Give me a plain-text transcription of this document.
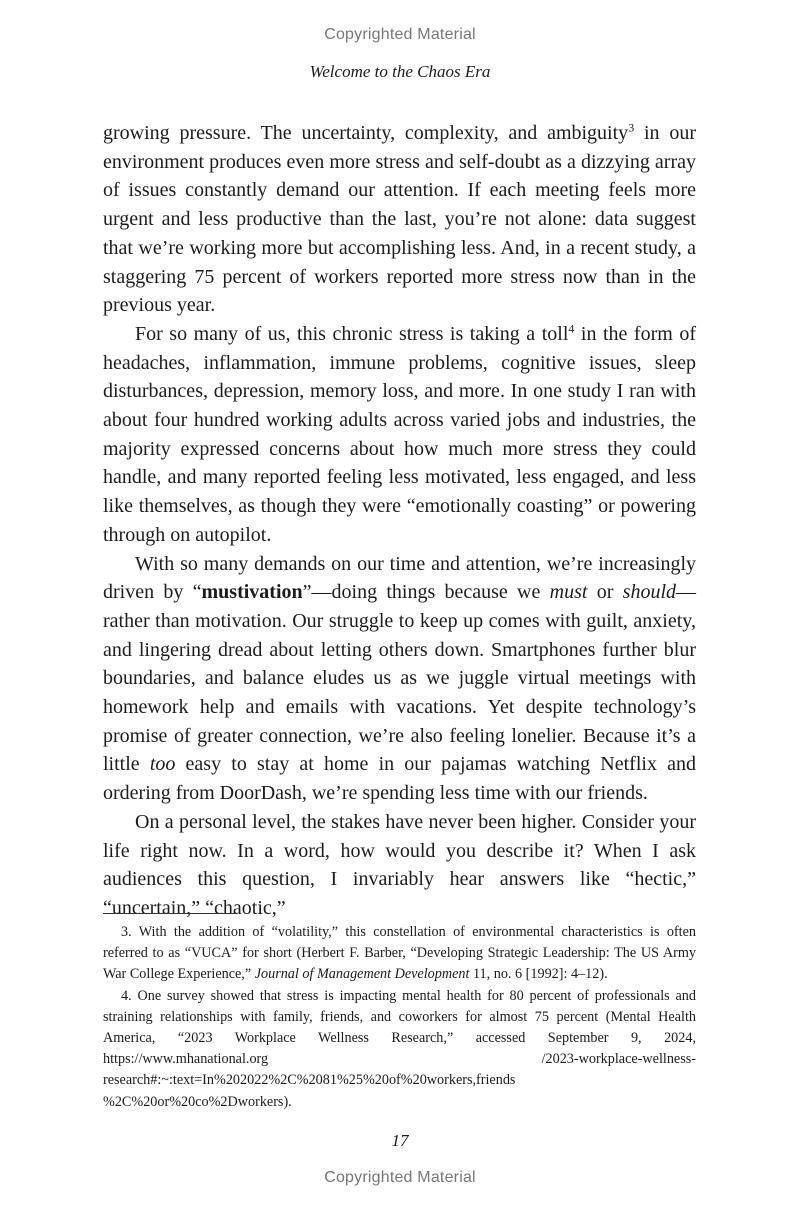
Copyrighted Material
Welcome to the Chaos Era

growing pressure. The uncertainty, complexity, and ambiguity$^3$ in our environment produces even more stress and self-doubt as a dizzying array of issues constantly demand our attention. If each meeting feels more urgent and less productive than the last, you’re not alone: data suggest that we’re working more but accomplishing less. And, in a recent study, a staggering 75 percent of workers reported more stress now than in the previous year.

For so many of us, this chronic stress is taking a toll$^4$ in the form of headaches, inflammation, immune problems, cognitive issues, sleep disturbances, depression, memory loss, and more. In one study I ran with about four hundred working adults across varied jobs and industries, the majority expressed concerns about how much more stress they could handle, and many reported feeling less motivated, less engaged, and less like themselves, as though they were “emotionally coasting” or powering through on autopilot.

With so many demands on our time and attention, we’re increasingly driven by “mustivation”—doing things because we must or should—rather than motivation. Our struggle to keep up comes with guilt, anxiety, and lingering dread about letting others down. Smartphones further blur boundaries, and balance eludes us as we juggle virtual meetings with homework help and emails with vacations. Yet despite technology’s promise of greater connection, we’re also feeling lonelier. Because it’s a little too easy to stay at home in our pajamas watching Netflix and ordering from DoorDash, we’re spending less time with our friends.

On a personal level, the stakes have never been higher. Consider your life right now. In a word, how would you describe it? When I ask audiences this question, I invariably hear answers like “hectic,” “uncertain,” “chaotic,”

3. With the addition of “volatility,” this constellation of environmental characteristics is often referred to as “VUCA” for short (Herbert F. Barber, “Developing Strategic Leadership: The US Army War College Experience,” Journal of Management Development 11, no. 6 [1992]: 4–12).

4. One survey showed that stress is impacting mental health for 80 percent of professionals and straining relationships with family, friends, and coworkers for almost 75 percent (Mental Health America, “2023 Workplace Wellness Research,” accessed September 9, 2024, https://www.mhanational.org /2023-workplace-wellness-research#:~:text=In%202022%2C%2081%25%20of%20workers,friends %2C%20or%20co%2Dworkers).

17
Copyrighted Material
